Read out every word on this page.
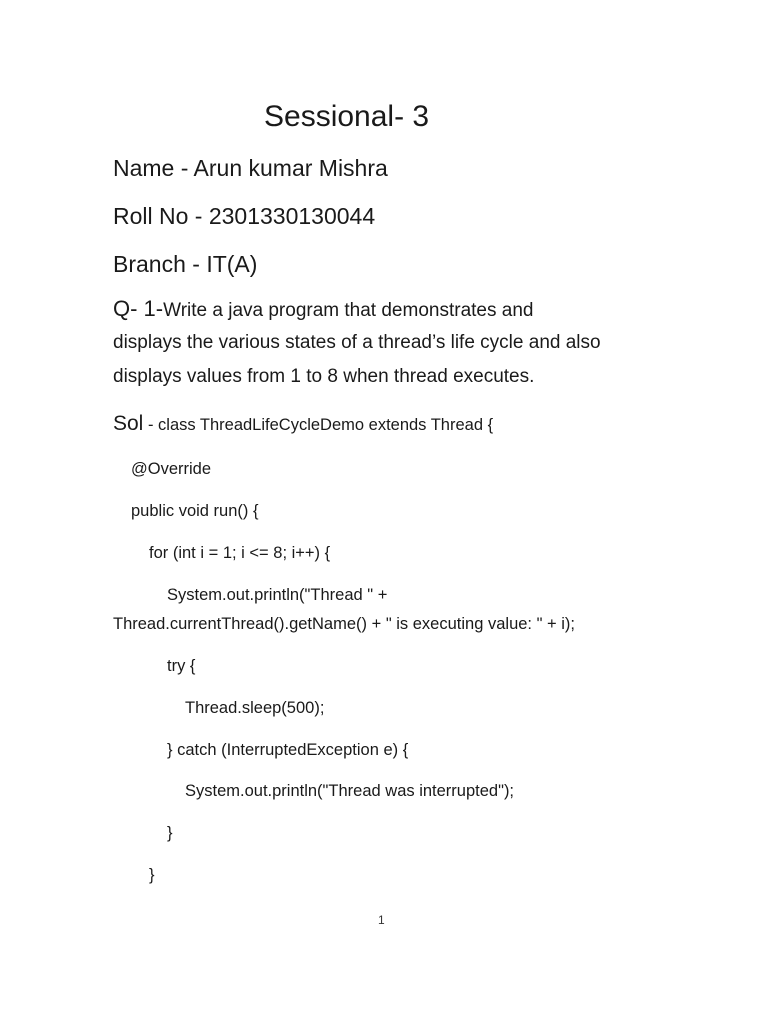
Sessional- 3
Name - Arun kumar Mishra
Roll No - 2301330130044
Branch - IT(A)
Q- 1-Write a java program that demonstrates and
displays the various states of a thread’s life cycle and also
displays values from 1 to 8 when thread executes.
Sol - class ThreadLifeCycleDemo extends Thread {
@Override
public void run() {
for (int i = 1; i <= 8; i++) {
System.out.println("Thread " +
Thread.currentThread().getName() + " is executing value: " + i);
try {
Thread.sleep(500);
} catch (InterruptedException e) {
System.out.println("Thread was interrupted");
}
}
1
